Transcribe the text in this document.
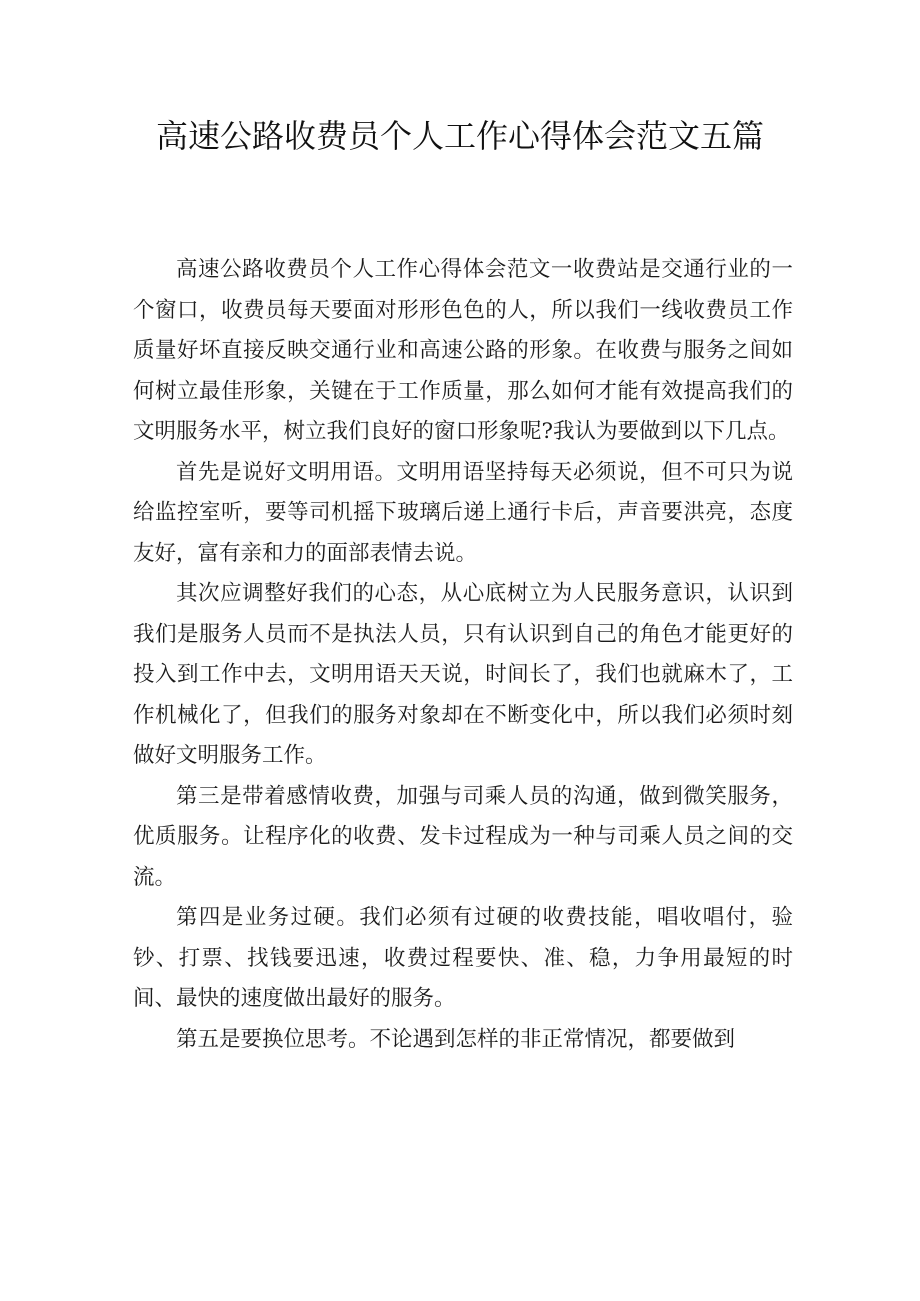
高速公路收费员个人工作心得体会范文五篇

高速公路收费员个人工作心得体会范文一收费站是交通行业的一个窗口，收费员每天要面对形形色色的人，所以我们一线收费员工作质量好坏直接反映交通行业和高速公路的形象。在收费与服务之间如何树立最佳形象，关键在于工作质量，那么如何才能有效提高我们的文明服务水平，树立我们良好的窗口形象呢?我认为要做到以下几点。

首先是说好文明用语。文明用语坚持每天必须说，但不可只为说给监控室听，要等司机摇下玻璃后递上通行卡后，声音要洪亮，态度友好，富有亲和力的面部表情去说。

其次应调整好我们的心态，从心底树立为人民服务意识，认识到我们是服务人员而不是执法人员，只有认识到自己的角色才能更好的投入到工作中去，文明用语天天说，时间长了，我们也就麻木了，工作机械化了，但我们的服务对象却在不断变化中，所以我们必须时刻做好文明服务工作。

第三是带着感情收费，加强与司乘人员的沟通，做到微笑服务，优质服务。让程序化的收费、发卡过程成为一种与司乘人员之间的交流。

第四是业务过硬。我们必须有过硬的收费技能，唱收唱付，验钞、打票、找钱要迅速，收费过程要快、准、稳，力争用最短的时间、最快的速度做出最好的服务。

第五是要换位思考。不论遇到怎样的非正常情况，都要做到
